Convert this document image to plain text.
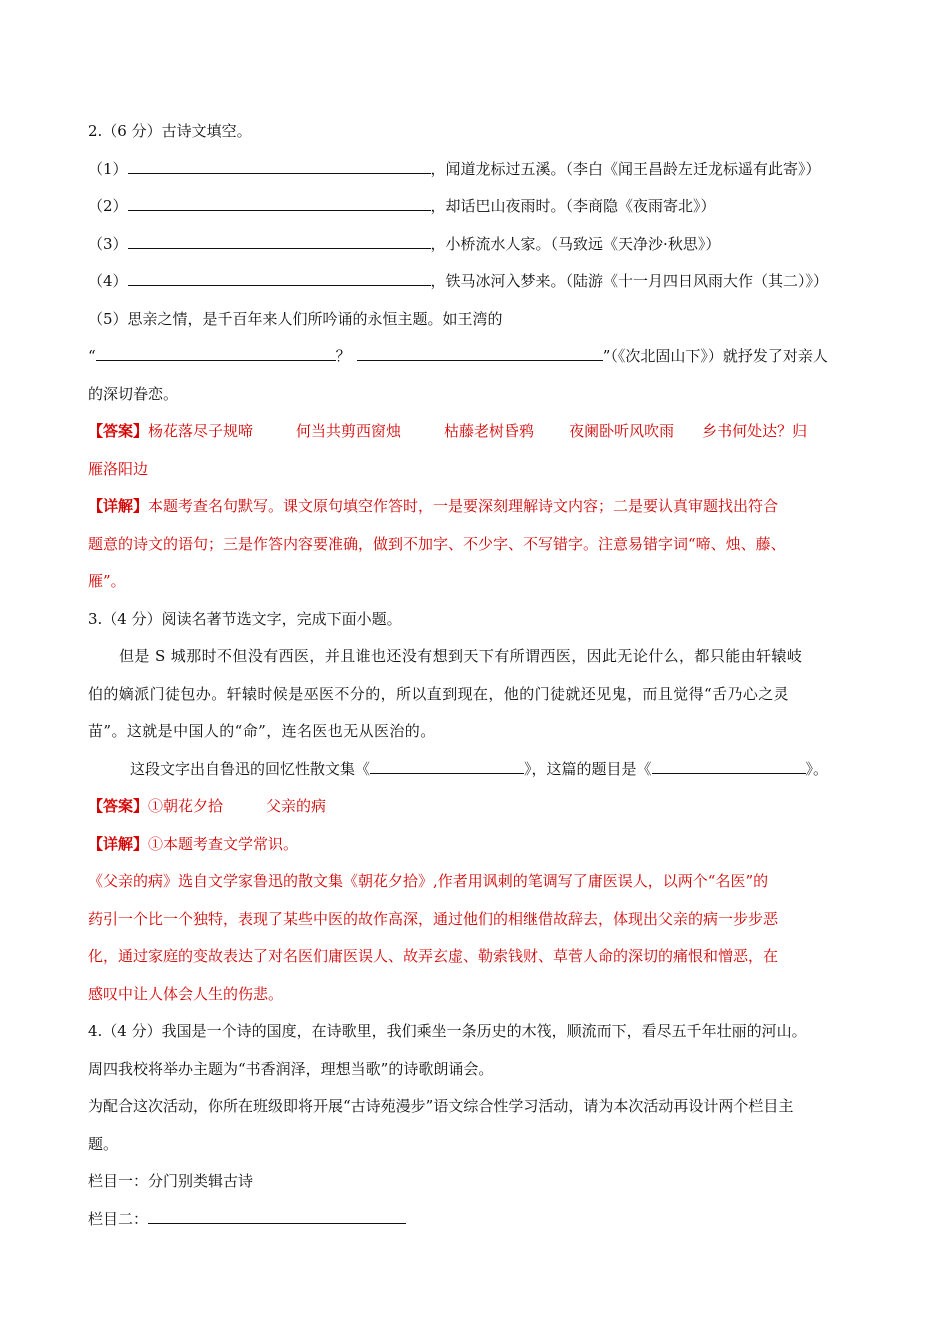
2.（6 分）古诗文填空。
（1）	，闻道龙标过五溪。（李白《闻王昌龄左迁龙标遥有此寄》）
（2）	，却话巴山夜雨时。（李商隐《夜雨寄北》）
（3）	，小桥流水人家。（马致远《天净沙·秋思》）
（4）	，铁马冰河入梦来。（陆游《十一月四日风雨大作（其二）》）
（5）思亲之情，是千百年来人们所吟诵的永恒主题。如王湾的
“	？	”（《次北固山下》）就抒发了对亲人
的深切眷恋。
【答案】杨花落尽子规啼	何当共剪西窗烛	枯藤老树昏鸦 夜阑卧听风吹雨 乡书何处达？归
雁洛阳边
【详解】本题考查名句默写。课文原句填空作答时，一是要深刻理解诗文内容；二是要认真审题找出符合
题意的诗文的语句；三是作答内容要准确，做到不加字、不少字、不写错字。注意易错字词“啼、烛、藤、
雁”。
3.（4 分）阅读名著节选文字，完成下面小题。
但是 S 城那时不但没有西医，并且谁也还没有想到天下有所谓西医，因此无论什么，都只能由轩辕岐
伯的嫡派门徒包办。轩辕时候是巫医不分的，所以直到现在，他的门徒就还见鬼，而且觉得“舌乃心之灵
苗”。这就是中国人的“命”，连名医也无从医治的。
这段文字出自鲁迅的回忆性散文集《	》，这篇的题目是《	》。
【答案】①朝花夕拾	父亲的病
【详解】①本题考查文学常识。
《父亲的病》选自文学家鲁迅的散文集《朝花夕拾》,作者用讽刺的笔调写了庸医误人，以两个“名医”的
药引一个比一个独特，表现了某些中医的故作高深，通过他们的相继借故辞去，体现出父亲的病一步步恶
化，通过家庭的变故表达了对名医们庸医误人、故弄玄虚、勒索钱财、草菅人命的深切的痛恨和憎恶，在
感叹中让人体会人生的伤悲。
4.（4 分）我国是一个诗的国度，在诗歌里，我们乘坐一条历史的木筏，顺流而下，看尽五千年壮丽的河山。
周四我校将举办主题为“书香润泽，理想当歌”的诗歌朗诵会。
为配合这次活动，你所在班级即将开展“古诗苑漫步”语文综合性学习活动，请为本次活动再设计两个栏目主
题。
栏目一：分门别类辑古诗
栏目二：
